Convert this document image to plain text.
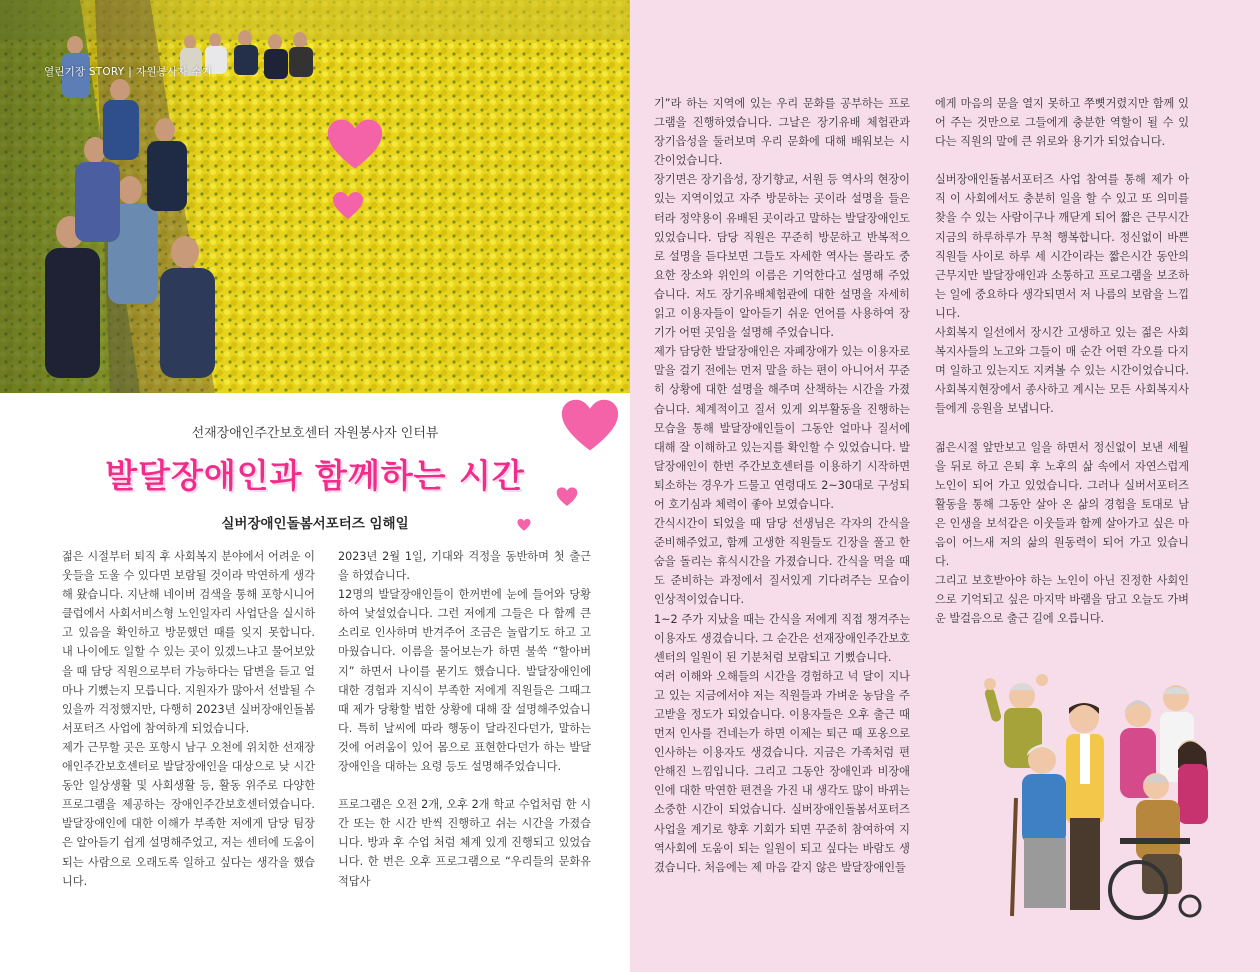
열린기장 STORY | 자원봉사자 수기
선재장애인주간보호센터 자원봉사자 인터뷰
발달장애인과 함께하는 시간
실버장애인돌봄서포터즈 임해일

젊은 시절부터 퇴직 후 사회복지 분야에서 어려운 이웃들을 도울 수 있다면 보람될 것이라 막연하게 생각해 왔습니다. 지난해 네이버 검색을 통해 포항시니어클럽에서 사회서비스형 노인일자리 사업단을 실시하고 있음을 확인하고 방문했던 때를 잊지 못합니다. 내 나이에도 일할 수 있는 곳이 있겠느냐고 물어보았을 때 담당 직원으로부터 가능하다는 답변을 듣고 얼마나 기뻤는지 모릅니다. 지원자가 많아서 선발될 수 있을까 걱정했지만, 다행히 2023년 실버장애인돌봄서포터즈 사업에 참여하게 되었습니다.

제가 근무할 곳은 포항시 남구 오천에 위치한 선재장애인주간보호센터로 발달장애인을 대상으로 낮 시간 동안 일상생활 및 사회생활 등, 활동 위주로 다양한 프로그램을 제공하는 장애인주간보호센터였습니다. 발달장애인에 대한 이해가 부족한 저에게 담당 팀장은 알아듣기 쉽게 설명해주었고, 저는 센터에 도움이 되는 사람으로 오래도록 일하고 싶다는 생각을 했습니다.

2023년 2월 1일, 기대와 걱정을 동반하며 첫 출근을 하였습니다.

12명의 발달장애인들이 한꺼번에 눈에 들어와 당황하여 낯설었습니다. 그런 저에게 그들은 다 함께 큰소리로 인사하며 반겨주어 조금은 놀랍기도 하고 고마웠습니다. 이름을 물어보는가 하면 불쑥 “할아버지” 하면서 나이를 묻기도 했습니다. 발달장애인에 대한 경험과 지식이 부족한 저에게 직원들은 그때그때 제가 당황할 법한 상황에 대해 잘 설명해주었습니다. 특히 날씨에 따라 행동이 달라진다던가, 말하는 것에 어려움이 있어 몸으로 표현한다던가 하는 발달장애인을 대하는 요령 등도 설명해주었습니다.

프로그램은 오전 2개, 오후 2개 학교 수업처럼 한 시간 또는 한 시간 반씩 진행하고 쉬는 시간을 가졌습니다. 방과 후 수업 처럼 체계 있게 진행되고 있었습니다. 한 번은 오후 프로그램으로 “우리들의 문화유적답사

기”라 하는 지역에 있는 우리 문화를 공부하는 프로그램을 진행하였습니다. 그날은 장기유배 체험관과 장기읍성을 둘러보며 우리 문화에 대해 배워보는 시간이었습니다.

장기면은 장기읍성, 장기향교, 서원 등 역사의 현장이 있는 지역이었고 자주 방문하는 곳이라 설명을 들은 터라 정약용이 유배된 곳이라고 말하는 발달장애인도 있었습니다. 담당 직원은 꾸준히 방문하고 반복적으로 설명을 듣다보면 그들도 자세한 역사는 몰라도 중요한 장소와 위인의 이름은 기억한다고 설명해 주었습니다. 저도 장기유배체험관에 대한 설명을 자세히 읽고 이용자들이 알아듣기 쉬운 언어를 사용하여 장기가 어떤 곳임을 설명해 주었습니다.

제가 담당한 발달장애인은 자폐장애가 있는 이용자로 말을 걸기 전에는 먼저 말을 하는 편이 아니어서 꾸준히 상황에 대한 설명을 해주며 산책하는 시간을 가졌습니다. 체계적이고 질서 있게 외부활동을 진행하는 모습을 통해 발달장애인들이 그동안 얼마나 질서에 대해 잘 이해하고 있는지를 확인할 수 있었습니다. 발달장애인이 한번 주간보호센터를 이용하기 시작하면 퇴소하는 경우가 드물고 연령대도 2~30대로 구성되어 호기심과 체력이 좋아 보였습니다.

간식시간이 되었을 때 담당 선생님은 각자의 간식을 준비해주었고, 함께 고생한 직원들도 긴장을 풀고 한숨을 돌리는 휴식시간을 가졌습니다. 간식을 먹을 때도 준비하는 과정에서 질서있게 기다려주는 모습이 인상적이었습니다.

1~2 주가 지났을 때는 간식을 저에게 직접 챙겨주는 이용자도 생겼습니다. 그 순간은 선재장애인주간보호센터의 일원이 된 기분처럼 보람되고 기뻤습니다.

여러 이해와 오해들의 시간을 경험하고 넉 달이 지나고 있는 지금에서야 저는 직원들과 가벼운 농담을 주고받을 정도가 되었습니다. 이용자들은 오후 출근 때 먼저 인사를 건네는가 하면 이제는 퇴근 때 포옹으로 인사하는 이용자도 생겼습니다. 지금은 가족처럼 편안해진 느낌입니다. 그리고 그동안 장애인과 비장애인에 대한 막연한 편견을 가진 내 생각도 많이 바뀌는 소중한 시간이 되었습니다. 실버장애인돌봄서포터즈 사업을 계기로 향후 기회가 되면 꾸준히 참여하여 지역사회에 도움이 되는 일원이 되고 싶다는 바람도 생겼습니다. 처음에는 제 마음 같지 않은 발달장애인들

에게 마음의 문을 열지 못하고 쭈뼛거렸지만 함께 있어 주는 것만으로 그들에게 충분한 역할이 될 수 있다는 직원의 말에 큰 위로와 용기가 되었습니다.

실버장애인돌봄서포터즈 사업 참여를 통해 제가 아직 이 사회에서도 충분히 일을 할 수 있고 또 의미를 찾을 수 있는 사람이구나 깨닫게 되어 짧은 근무시간 지금의 하루하루가 무척 행복합니다. 정신없이 바쁜 직원들 사이로 하루 세 시간이라는 짧은시간 동안의 근무지만 발달장애인과 소통하고 프로그램을 보조하는 일에 중요하다 생각되면서 저 나름의 보람을 느낍니다.

사회복지 일선에서 장시간 고생하고 있는 젊은 사회복지사들의 노고와 그들이 매 순간 어떤 각오를 다지며 일하고 있는지도 지켜볼 수 있는 시간이었습니다. 사회복지현장에서 종사하고 계시는 모든 사회복지사들에게 응원을 보냅니다.

젊은시절 앞만보고 일을 하면서 정신없이 보낸 세월을 뒤로 하고 은퇴 후 노후의 삶 속에서 자연스럽게 노인이 되어 가고 있었습니다. 그러나 실버서포터즈 활동을 통해 그동안 살아 온 삶의 경험을 토대로 남은 인생을 보석같은 이웃들과 함께 살아가고 싶은 마음이 어느새 저의 삶의 원동력이 되어 가고 있습니다.

그리고 보호받아야 하는 노인이 아닌 진정한 사회인으로 기억되고 싶은 마지막 바램을 담고 오늘도 가벼운 발걸음으로 출근 길에 오릅니다.
